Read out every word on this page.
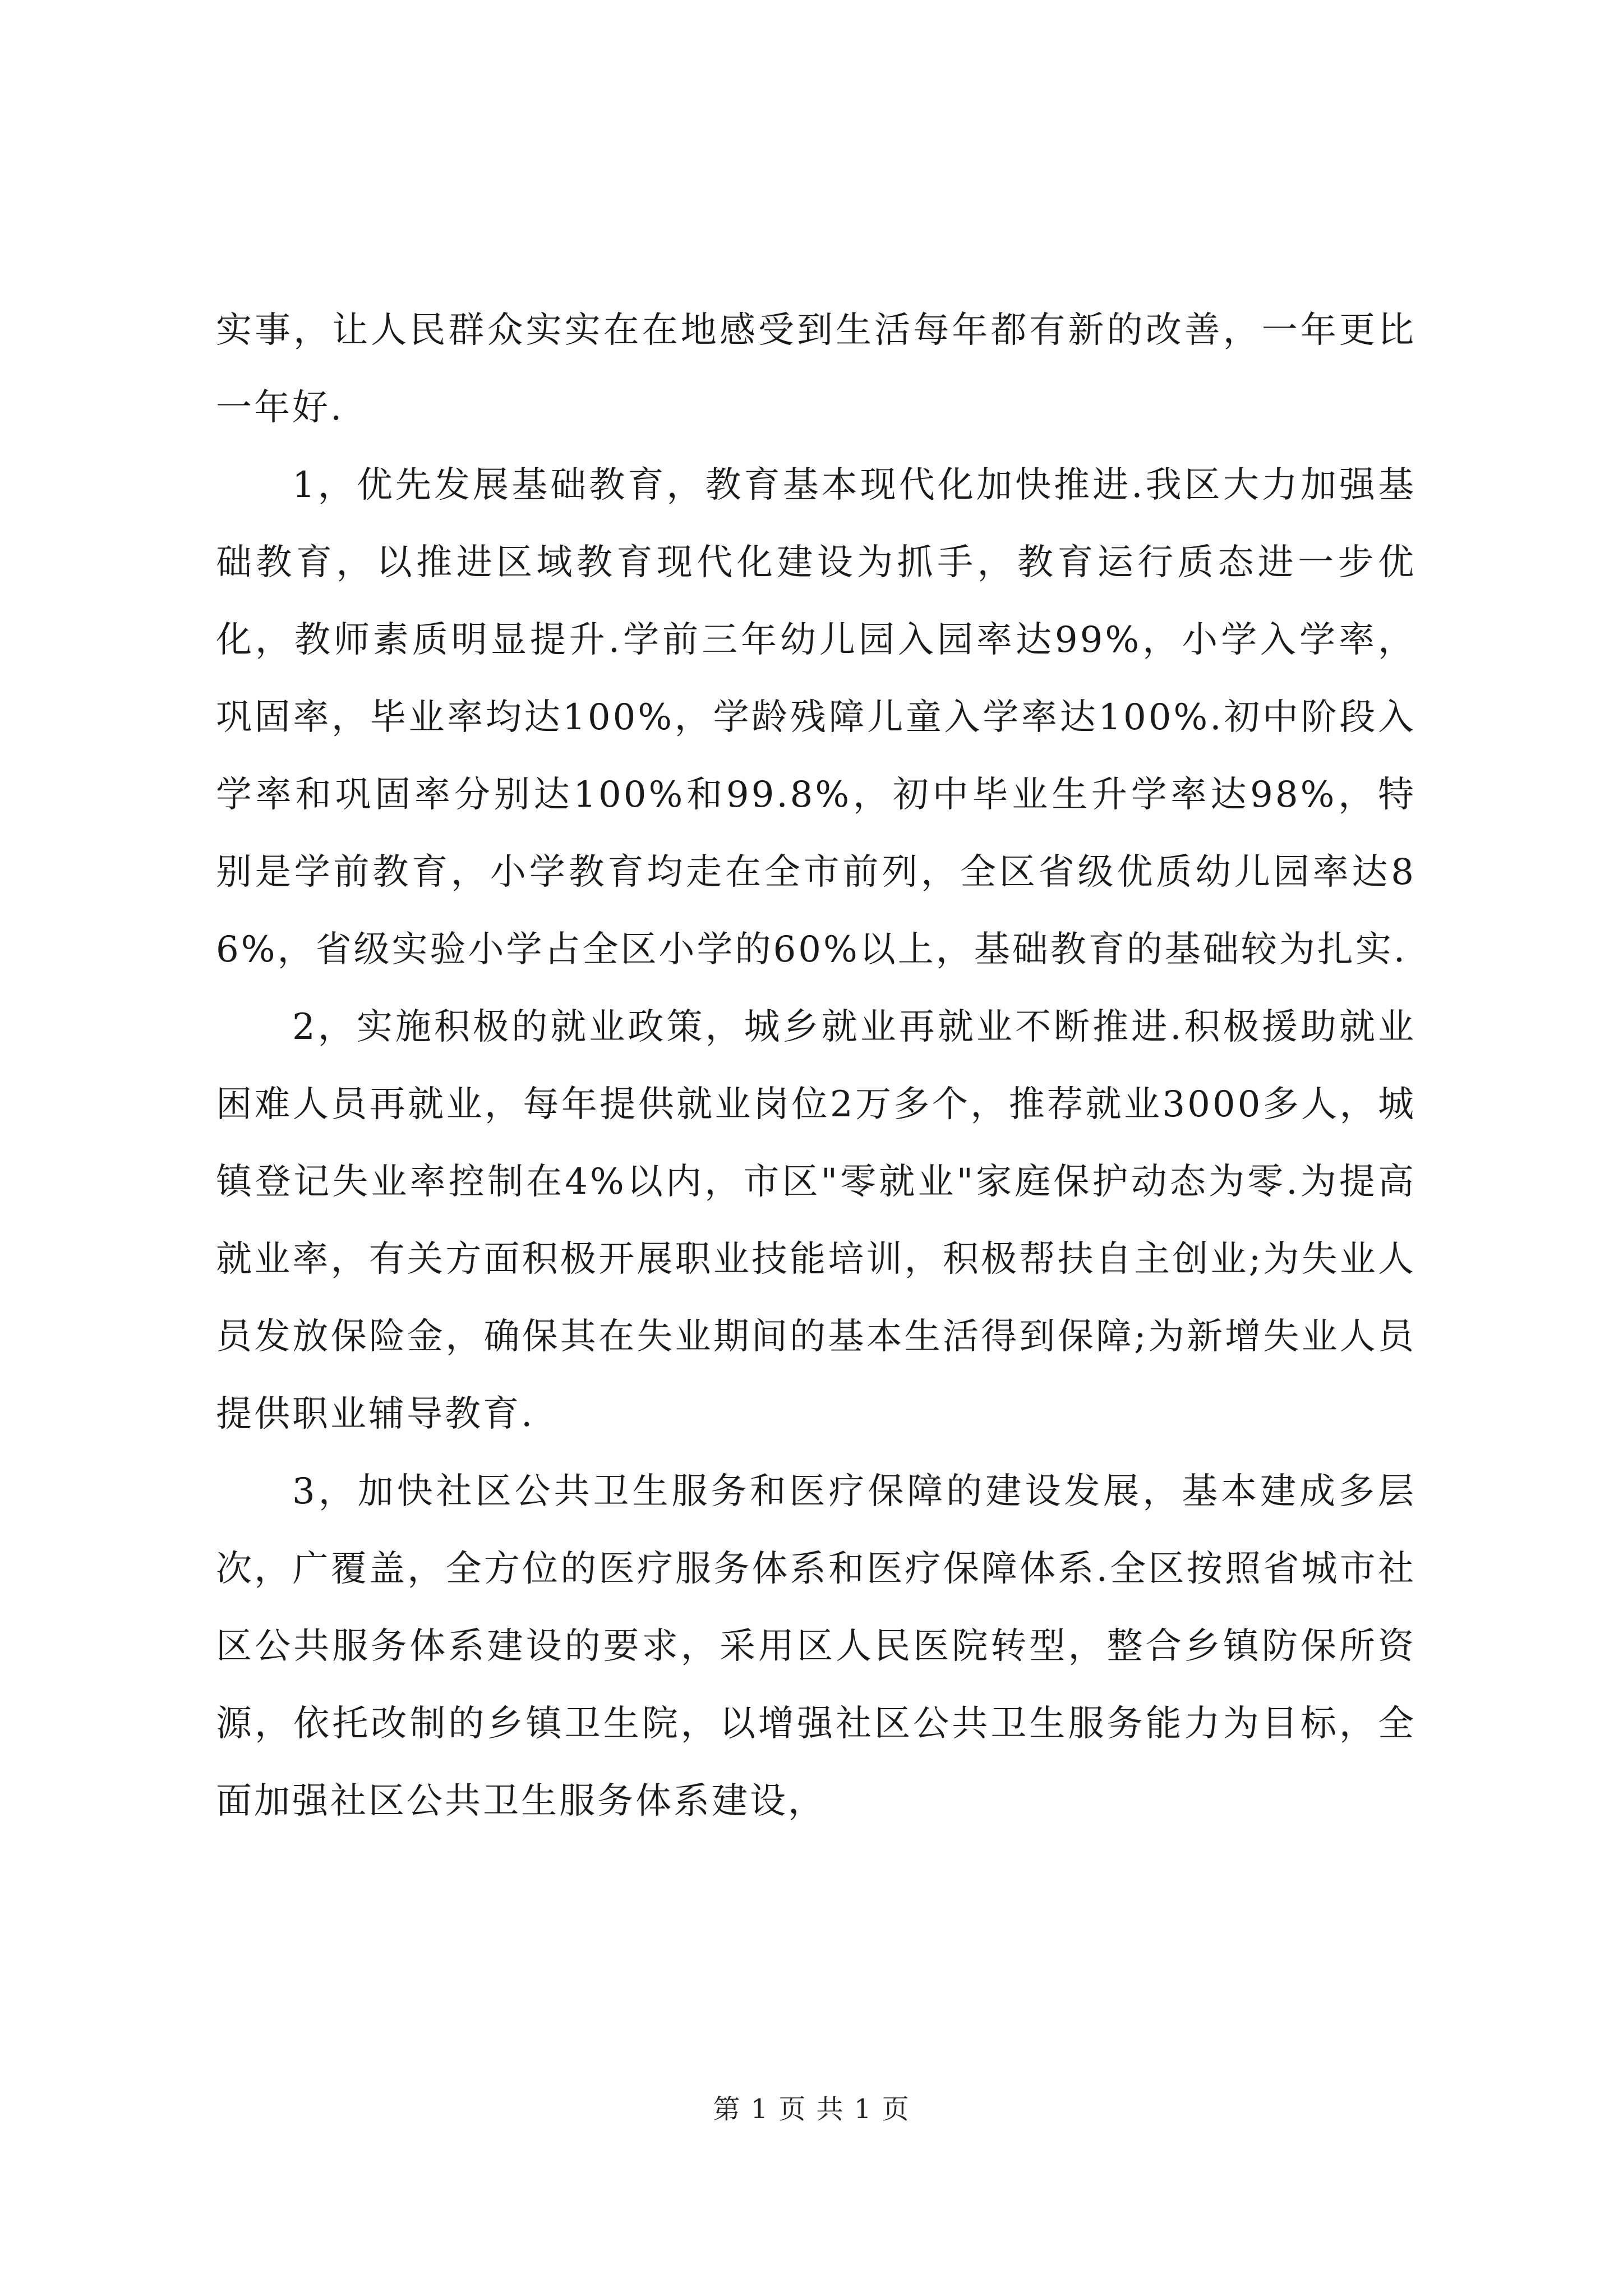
实事，让人民群众实实在在地感受到生活每年都有新的改善，一年更比一年好.

1，优先发展基础教育，教育基本现代化加快推进.我区大力加强基础教育，以推进区域教育现代化建设为抓手，教育运行质态进一步优化，教师素质明显提升.学前三年幼儿园入园率达99%，小学入学率，巩固率，毕业率均达100%，学龄残障儿童入学率达100%.初中阶段入学率和巩固率分别达100%和99.8%，初中毕业生升学率达98%，特别是学前教育，小学教育均走在全市前列，全区省级优质幼儿园率达86%，省级实验小学占全区小学的60%以上，基础教育的基础较为扎实.

2，实施积极的就业政策，城乡就业再就业不断推进.积极援助就业困难人员再就业，每年提供就业岗位2万多个，推荐就业3000多人，城镇登记失业率控制在4%以内，市区"零就业"家庭保护动态为零.为提高就业率，有关方面积极开展职业技能培训，积极帮扶自主创业;为失业人员发放保险金，确保其在失业期间的基本生活得到保障;为新增失业人员提供职业辅导教育.

3，加快社区公共卫生服务和医疗保障的建设发展，基本建成多层次，广覆盖，全方位的医疗服务体系和医疗保障体系.全区按照省城市社区公共服务体系建设的要求，采用区人民医院转型，整合乡镇防保所资源，依托改制的乡镇卫生院，以增强社区公共卫生服务能力为目标，全面加强社区公共卫生服务体系建设，

第 1 页 共 1 页
